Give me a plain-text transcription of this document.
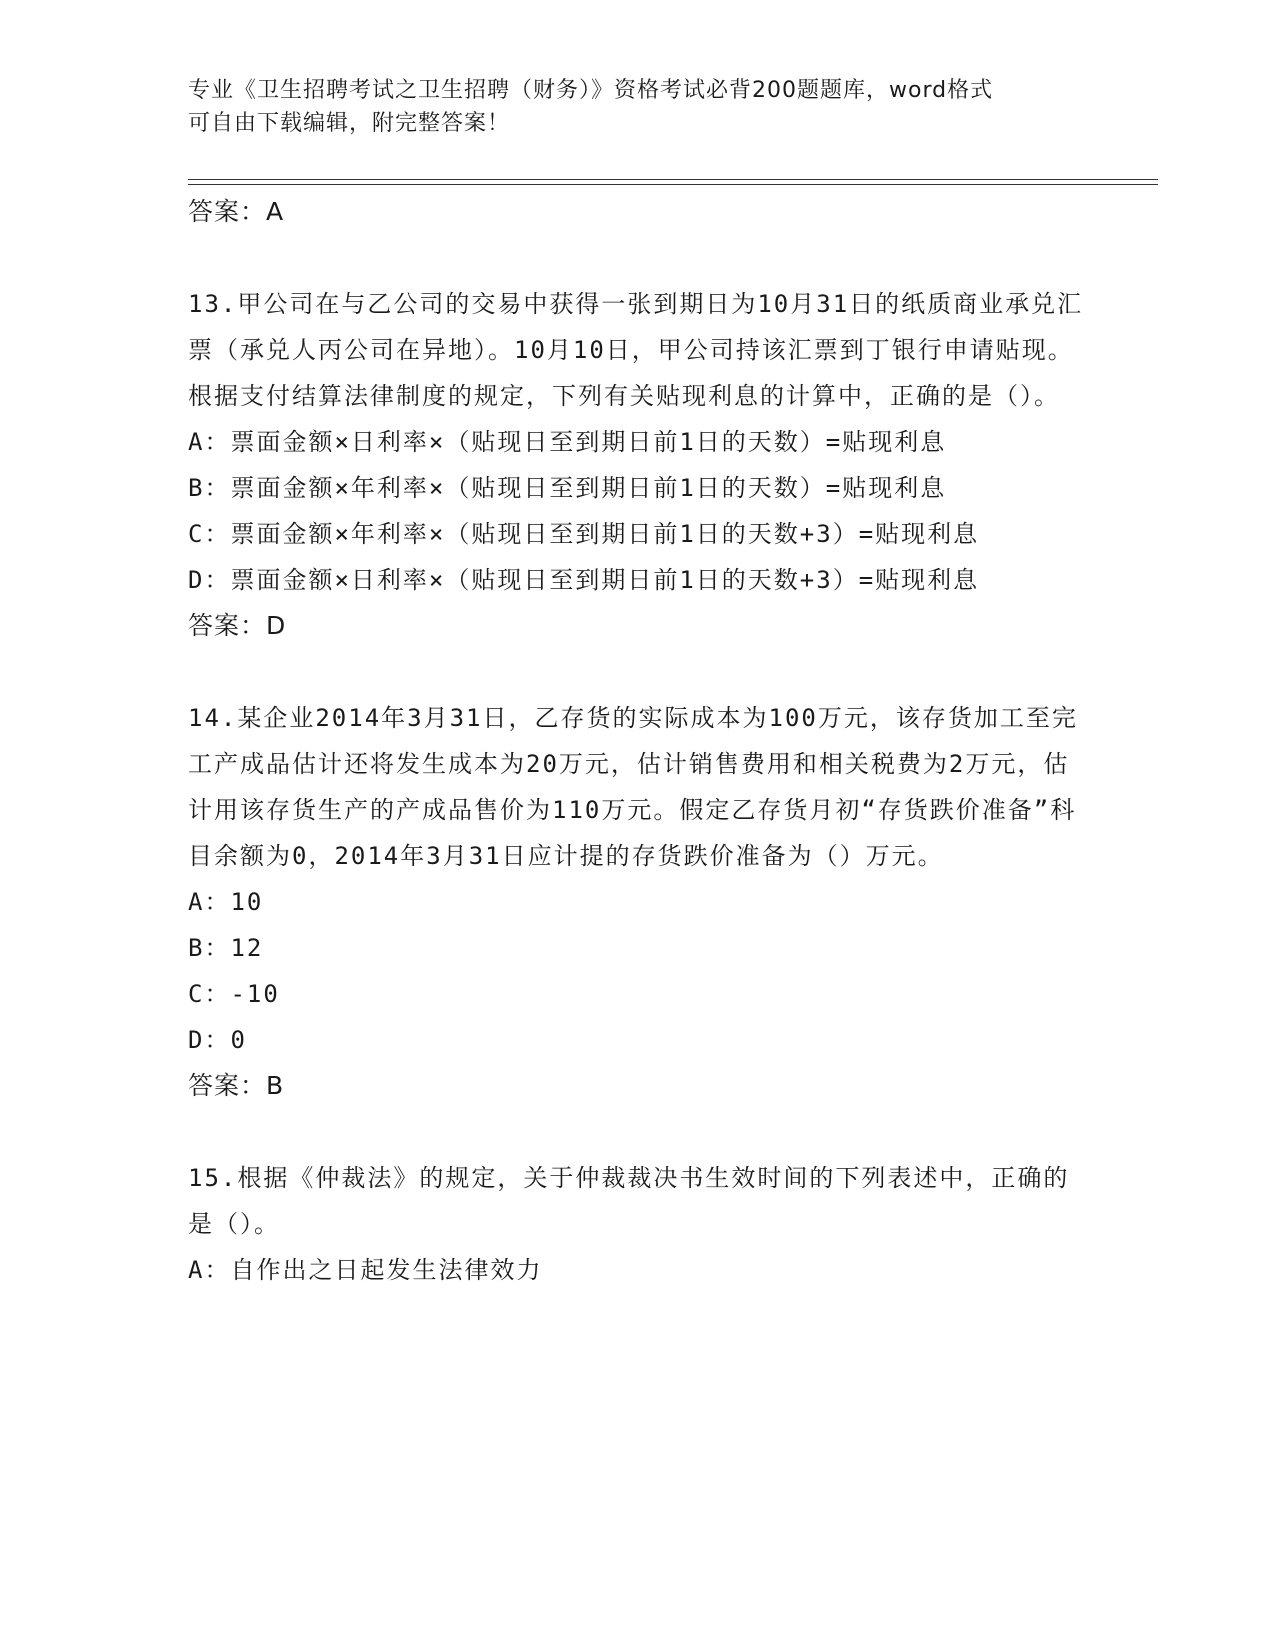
专业《卫生招聘考试之卫生招聘（财务）》资格考试必背200题题库，word格式
可自由下载编辑，附完整答案！
答案：A
13.甲公司在与乙公司的交易中获得一张到期日为10月31日的纸质商业承兑汇票（承兑人丙公司在异地）。10月10日，甲公司持该汇票到丁银行申请贴现。根据支付结算法律制度的规定，下列有关贴现利息的计算中，正确的是（）。
A：票面金额×日利率×（贴现日至到期日前1日的天数）=贴现利息
B：票面金额×年利率×（贴现日至到期日前1日的天数）=贴现利息
C：票面金额×年利率×（贴现日至到期日前1日的天数+3）=贴现利息
D：票面金额×日利率×（贴现日至到期日前1日的天数+3）=贴现利息
答案：D
14.某企业2014年3月31日，乙存货的实际成本为100万元，该存货加工至完工产成品估计还将发生成本为20万元，估计销售费用和相关税费为2万元，估计用该存货生产的产成品售价为110万元。假定乙存货月初“存货跌价准备”科目余额为0，2014年3月31日应计提的存货跌价准备为（）万元。
A：10
B：12
C：-10
D：0
答案：B
15.根据《仲裁法》的规定，关于仲裁裁决书生效时间的下列表述中，正确的是（）。
A：自作出之日起发生法律效力
